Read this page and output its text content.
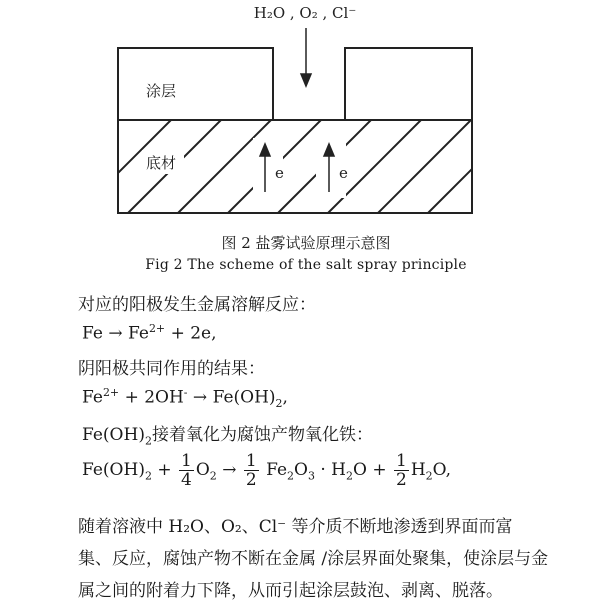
H₂O , O₂ , Cl⁻
涂层
底材
e	e
图 2 盐雾试验原理示意图
Fig 2 The scheme of the salt spray principle
对应的阳极发生金属溶解反应：
$Fe \to Fe^{2+} + 2e$,
阴阳极共同作用的结果：
$Fe^{2+} + 2OH^- \to Fe(OH)_2$,
$Fe(OH)_2$接着氧化为腐蚀产物氧化铁：
$Fe(OH)_2 + \frac{1}{4} O_2 \to \frac{1}{2} Fe_2O_3 \cdot H_2O + \frac{1}{2} H_2O$,
随着溶液中 H₂O、O₂、Cl⁻ 等介质不断地渗透到界面而富
集、反应，腐蚀产物不断在金属 /涂层界面处聚集，使涂层与金
属之间的附着力下降，从而引起涂层鼓泡、剥离、脱落。
